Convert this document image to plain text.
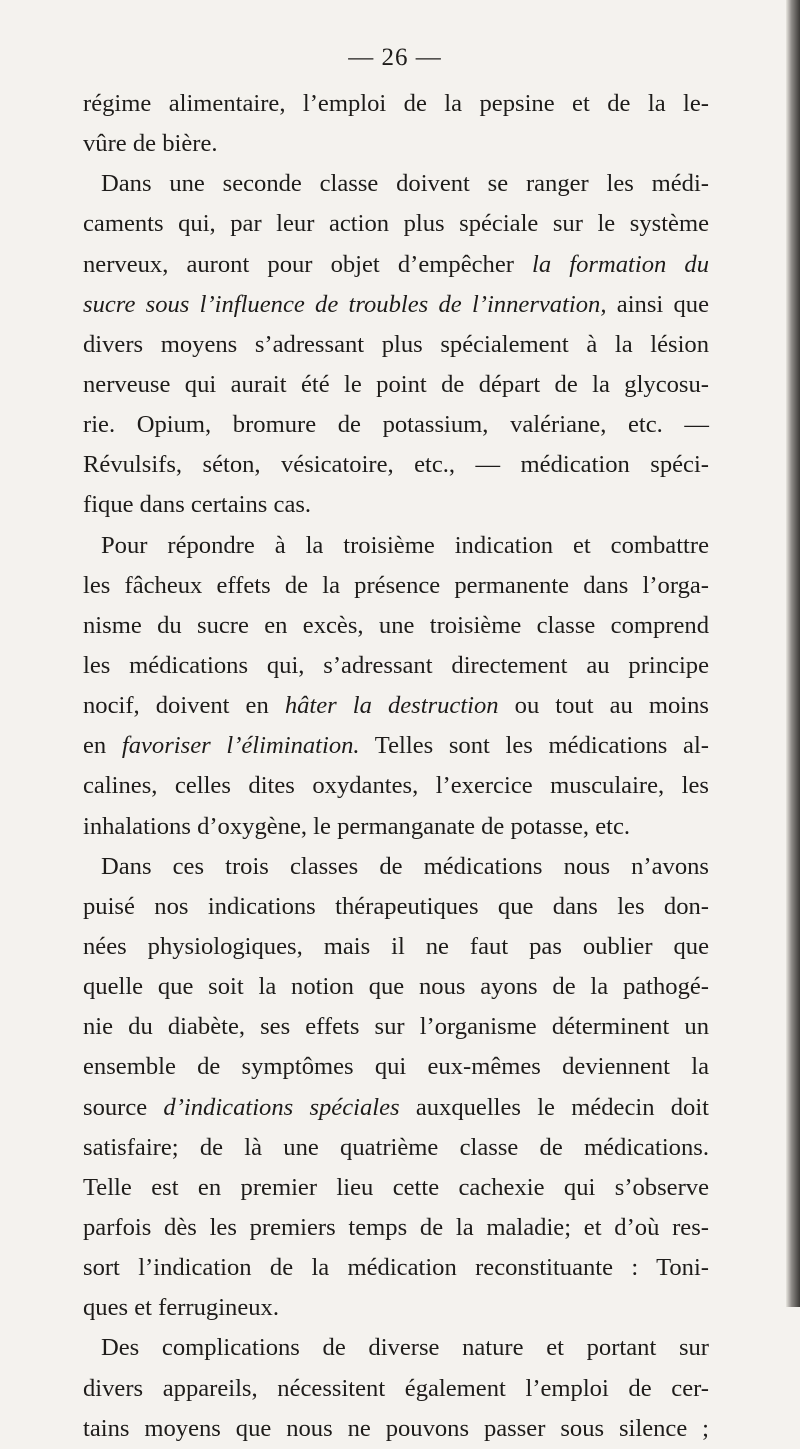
— 26 —
régime alimentaire, l’emploi de la pepsine et de la le-
vûre de bière.
Dans une seconde classe doivent se ranger les médi-
caments qui, par leur action plus spéciale sur le système
nerveux, auront pour objet d’empêcher la formation du
sucre sous l’influence de troubles de l’innervation, ainsi que
divers moyens s’adressant plus spécialement à la lésion
nerveuse qui aurait été le point de départ de la glycosu-
rie. Opium, bromure de potassium, valériane, etc. —
Révulsifs, séton, vésicatoire, etc., — médication spéci-
fique dans certains cas.
Pour répondre à la troisième indication et combattre
les fâcheux effets de la présence permanente dans l’orga-
nisme du sucre en excès, une troisième classe comprend
les médications qui, s’adressant directement au principe
nocif, doivent en hâter la destruction ou tout au moins
en favoriser l’élimination. Telles sont les médications al-
calines, celles dites oxydantes, l’exercice musculaire, les
inhalations d’oxygène, le permanganate de potasse, etc.
Dans ces trois classes de médications nous n’avons
puisé nos indications thérapeutiques que dans les don-
nées physiologiques, mais il ne faut pas oublier que
quelle que soit la notion que nous ayons de la pathogé-
nie du diabète, ses effets sur l’organisme déterminent un
ensemble de symptômes qui eux-mêmes deviennent la
source d’indications spéciales auxquelles le médecin doit
satisfaire; de là une quatrième classe de médications.
Telle est en premier lieu cette cachexie qui s’observe
parfois dès les premiers temps de la maladie; et d’où res-
sort l’indication de la médication reconstituante : Toni-
ques et ferrugineux.
Des complications de diverse nature et portant sur
divers appareils, nécessitent également l’emploi de cer-
tains moyens que nous ne pouvons passer sous silence ;
